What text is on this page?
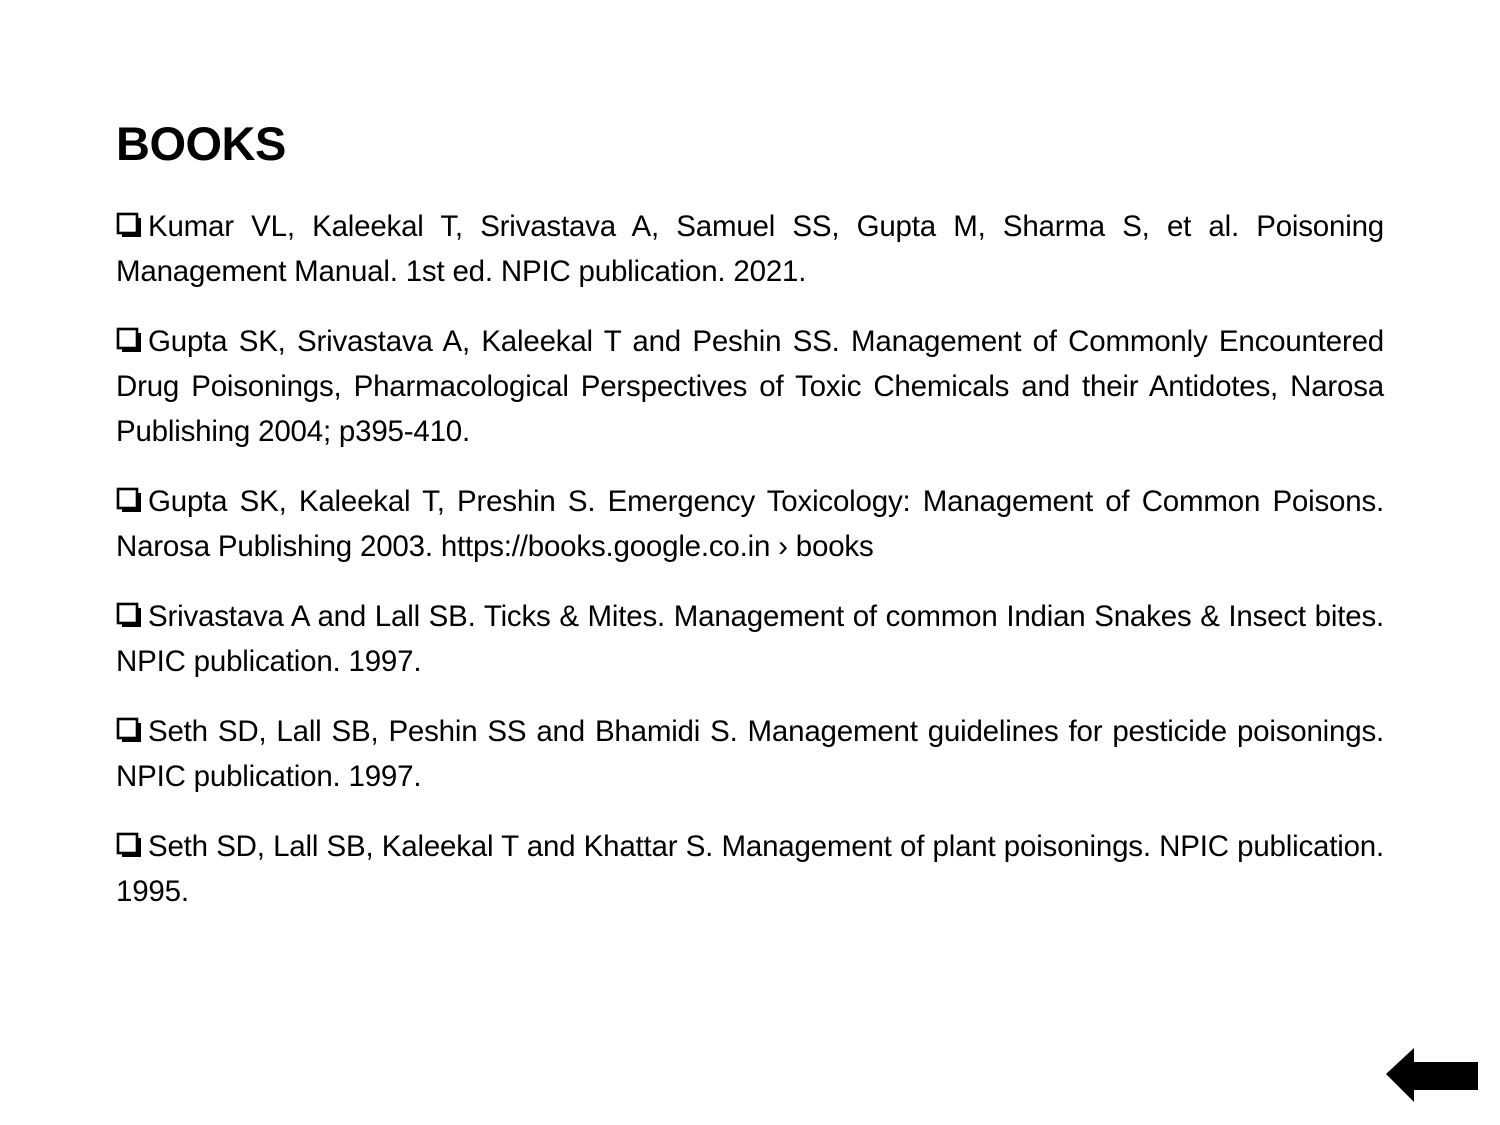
BOOKS
Kumar VL, Kaleekal T, Srivastava A, Samuel SS, Gupta M, Sharma S, et al. Poisoning Management Manual. 1st ed. NPIC publication. 2021.
Gupta SK, Srivastava A, Kaleekal T and Peshin SS. Management of Commonly Encountered Drug Poisonings, Pharmacological Perspectives of Toxic Chemicals and their Antidotes, Narosa Publishing 2004; p395-410.
Gupta SK, Kaleekal T, Preshin S. Emergency Toxicology: Management of Common Poisons. Narosa Publishing 2003. https://books.google.co.in › books
Srivastava A and Lall SB. Ticks & Mites. Management of common Indian Snakes & Insect bites. NPIC publication. 1997.
Seth SD, Lall SB, Peshin SS and Bhamidi S. Management guidelines for pesticide poisonings. NPIC publication. 1997.
Seth SD, Lall SB, Kaleekal T and Khattar S. Management of plant poisonings. NPIC publication. 1995.
